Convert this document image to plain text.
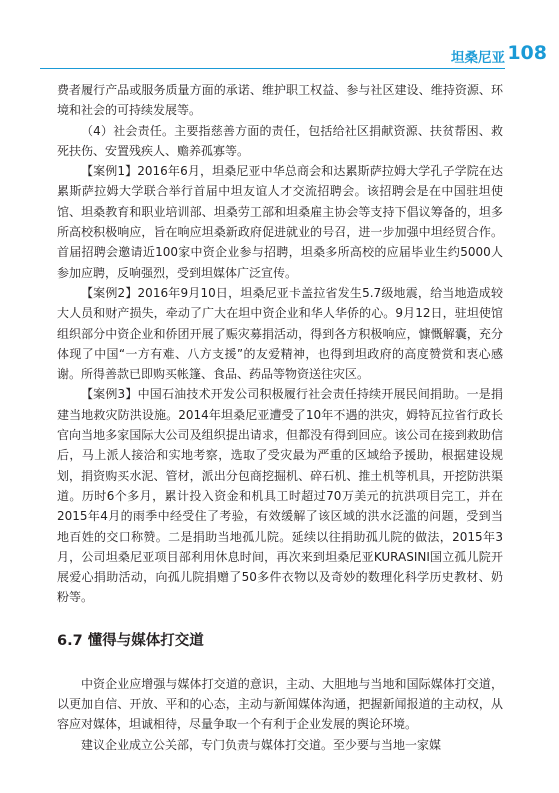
坦桑尼亚 108

费者履行产品或服务质量方面的承诺、维护职工权益、参与社区建设、维持资源、环境和社会的可持续发展等。

（4）社会责任。主要指慈善方面的责任，包括给社区捐献资源、扶贫帮困、救死扶伤、安置残疾人、赡养孤寡等。

【案例1】2016年6月，坦桑尼亚中华总商会和达累斯萨拉姆大学孔子学院在达累斯萨拉姆大学联合举行首届中坦友谊人才交流招聘会。该招聘会是在中国驻坦使馆、坦桑教育和职业培训部、坦桑劳工部和坦桑雇主协会等支持下倡议筹备的，坦多所高校积极响应，旨在响应坦桑新政府促进就业的号召，进一步加强中坦经贸合作。首届招聘会邀请近100家中资企业参与招聘，坦桑多所高校的应届毕业生约5000人参加应聘，反响强烈，受到坦媒体广泛宣传。

【案例2】2016年9月10日，坦桑尼亚卡盖拉省发生5.7级地震，给当地造成较大人员和财产损失，牵动了广大在坦中资企业和华人华侨的心。9月12日，驻坦使馆组织部分中资企业和侨团开展了赈灾募捐活动，得到各方积极响应，慷慨解囊，充分体现了中国“一方有难、八方支援”的友爱精神，也得到坦政府的高度赞赏和衷心感谢。所得善款已即购买帐篷、食品、药品等物资送往灾区。

【案例3】中国石油技术开发公司积极履行社会责任持续开展民间捐助。一是捐建当地救灾防洪设施。2014年坦桑尼亚遭受了10年不遇的洪灾，姆特瓦拉省行政长官向当地多家国际大公司及组织提出请求，但都没有得到回应。该公司在接到救助信后，马上派人接洽和实地考察，选取了受灾最为严重的区域给予援助，根据建设规划，捐资购买水泥、管材，派出分包商挖掘机、碎石机、推土机等机具，开挖防洪渠道。历时6个多月，累计投入资金和机具工时超过70万美元的抗洪项目完工，并在2015年4月的雨季中经受住了考验，有效缓解了该区域的洪水泛滥的问题，受到当地百姓的交口称赞。二是捐助当地孤儿院。延续以往捐助孤儿院的做法，2015年3月，公司坦桑尼亚项目部利用休息时间，再次来到坦桑尼亚KURASINI国立孤儿院开展爱心捐助活动，向孤儿院捐赠了50多件衣物以及奇妙的数理化科学历史教材、奶粉等。

6.7 懂得与媒体打交道

中资企业应增强与媒体打交道的意识，主动、大胆地与当地和国际媒体打交道，以更加自信、开放、平和的心态，主动与新闻媒体沟通，把握新闻报道的主动权，从容应对媒体，坦诚相待，尽量争取一个有利于企业发展的舆论环境。

建议企业成立公关部，专门负责与媒体打交道。至少要与当地一家媒
